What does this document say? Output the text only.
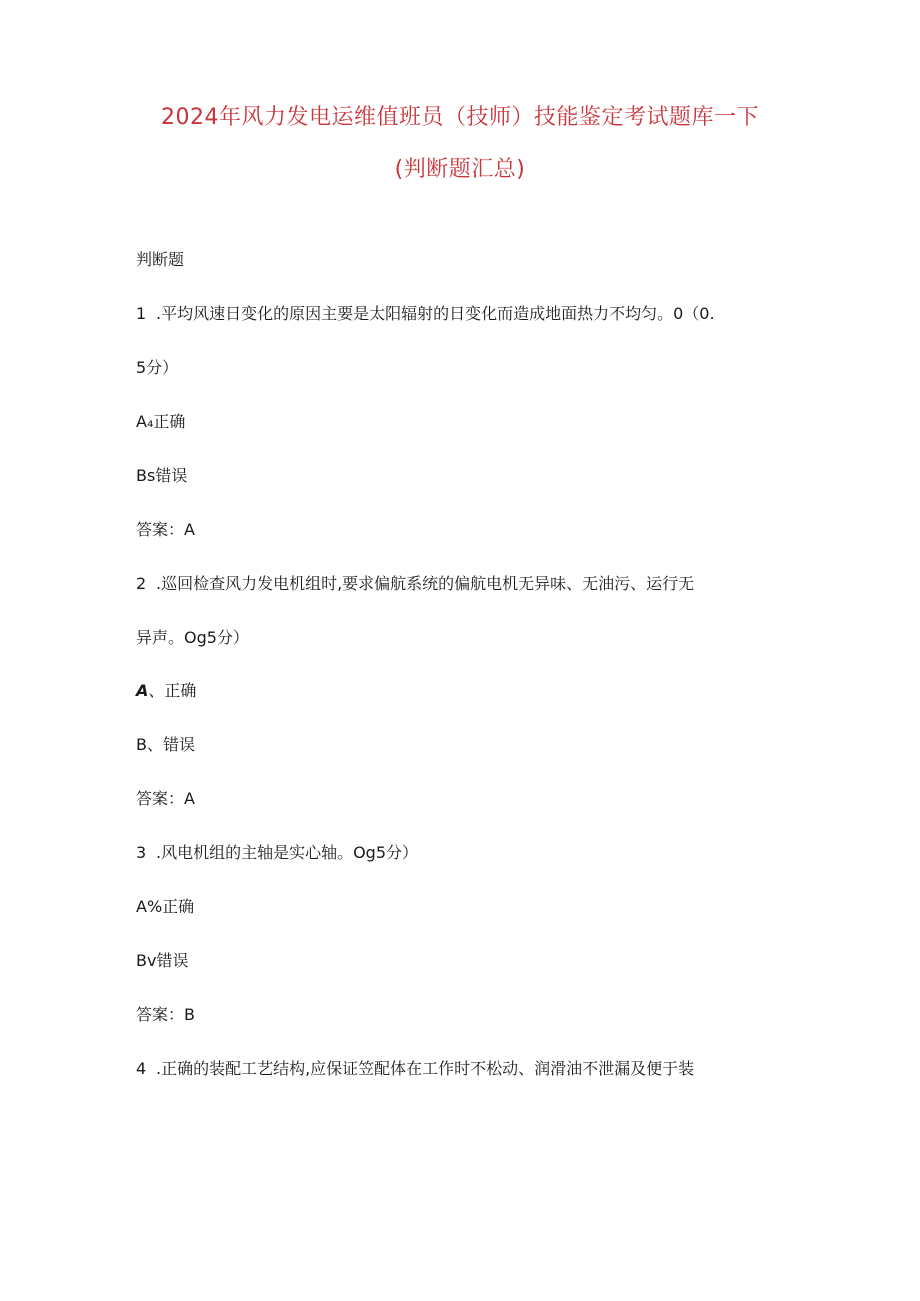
2024年风力发电运维值班员（技师）技能鉴定考试题库一下
(判断题汇总)
判断题
1 .平均风速日变化的原因主要是太阳辐射的日变化而造成地面热力不均匀。0（0.
5分）
A₄正确
Bs错误
答案：A
2 .巡回检查风力发电机组时,要求偏航系统的偏航电机无异味、无油污、运行无
异声。Og5分）
A、正确
B、错误
答案：A
3 .风电机组的主轴是实心轴。Og5分）
A%正确
Bv错误
答案：B
4 .正确的装配工艺结构,应保证笠配体在工作时不松动、润滑油不泄漏及便于装
